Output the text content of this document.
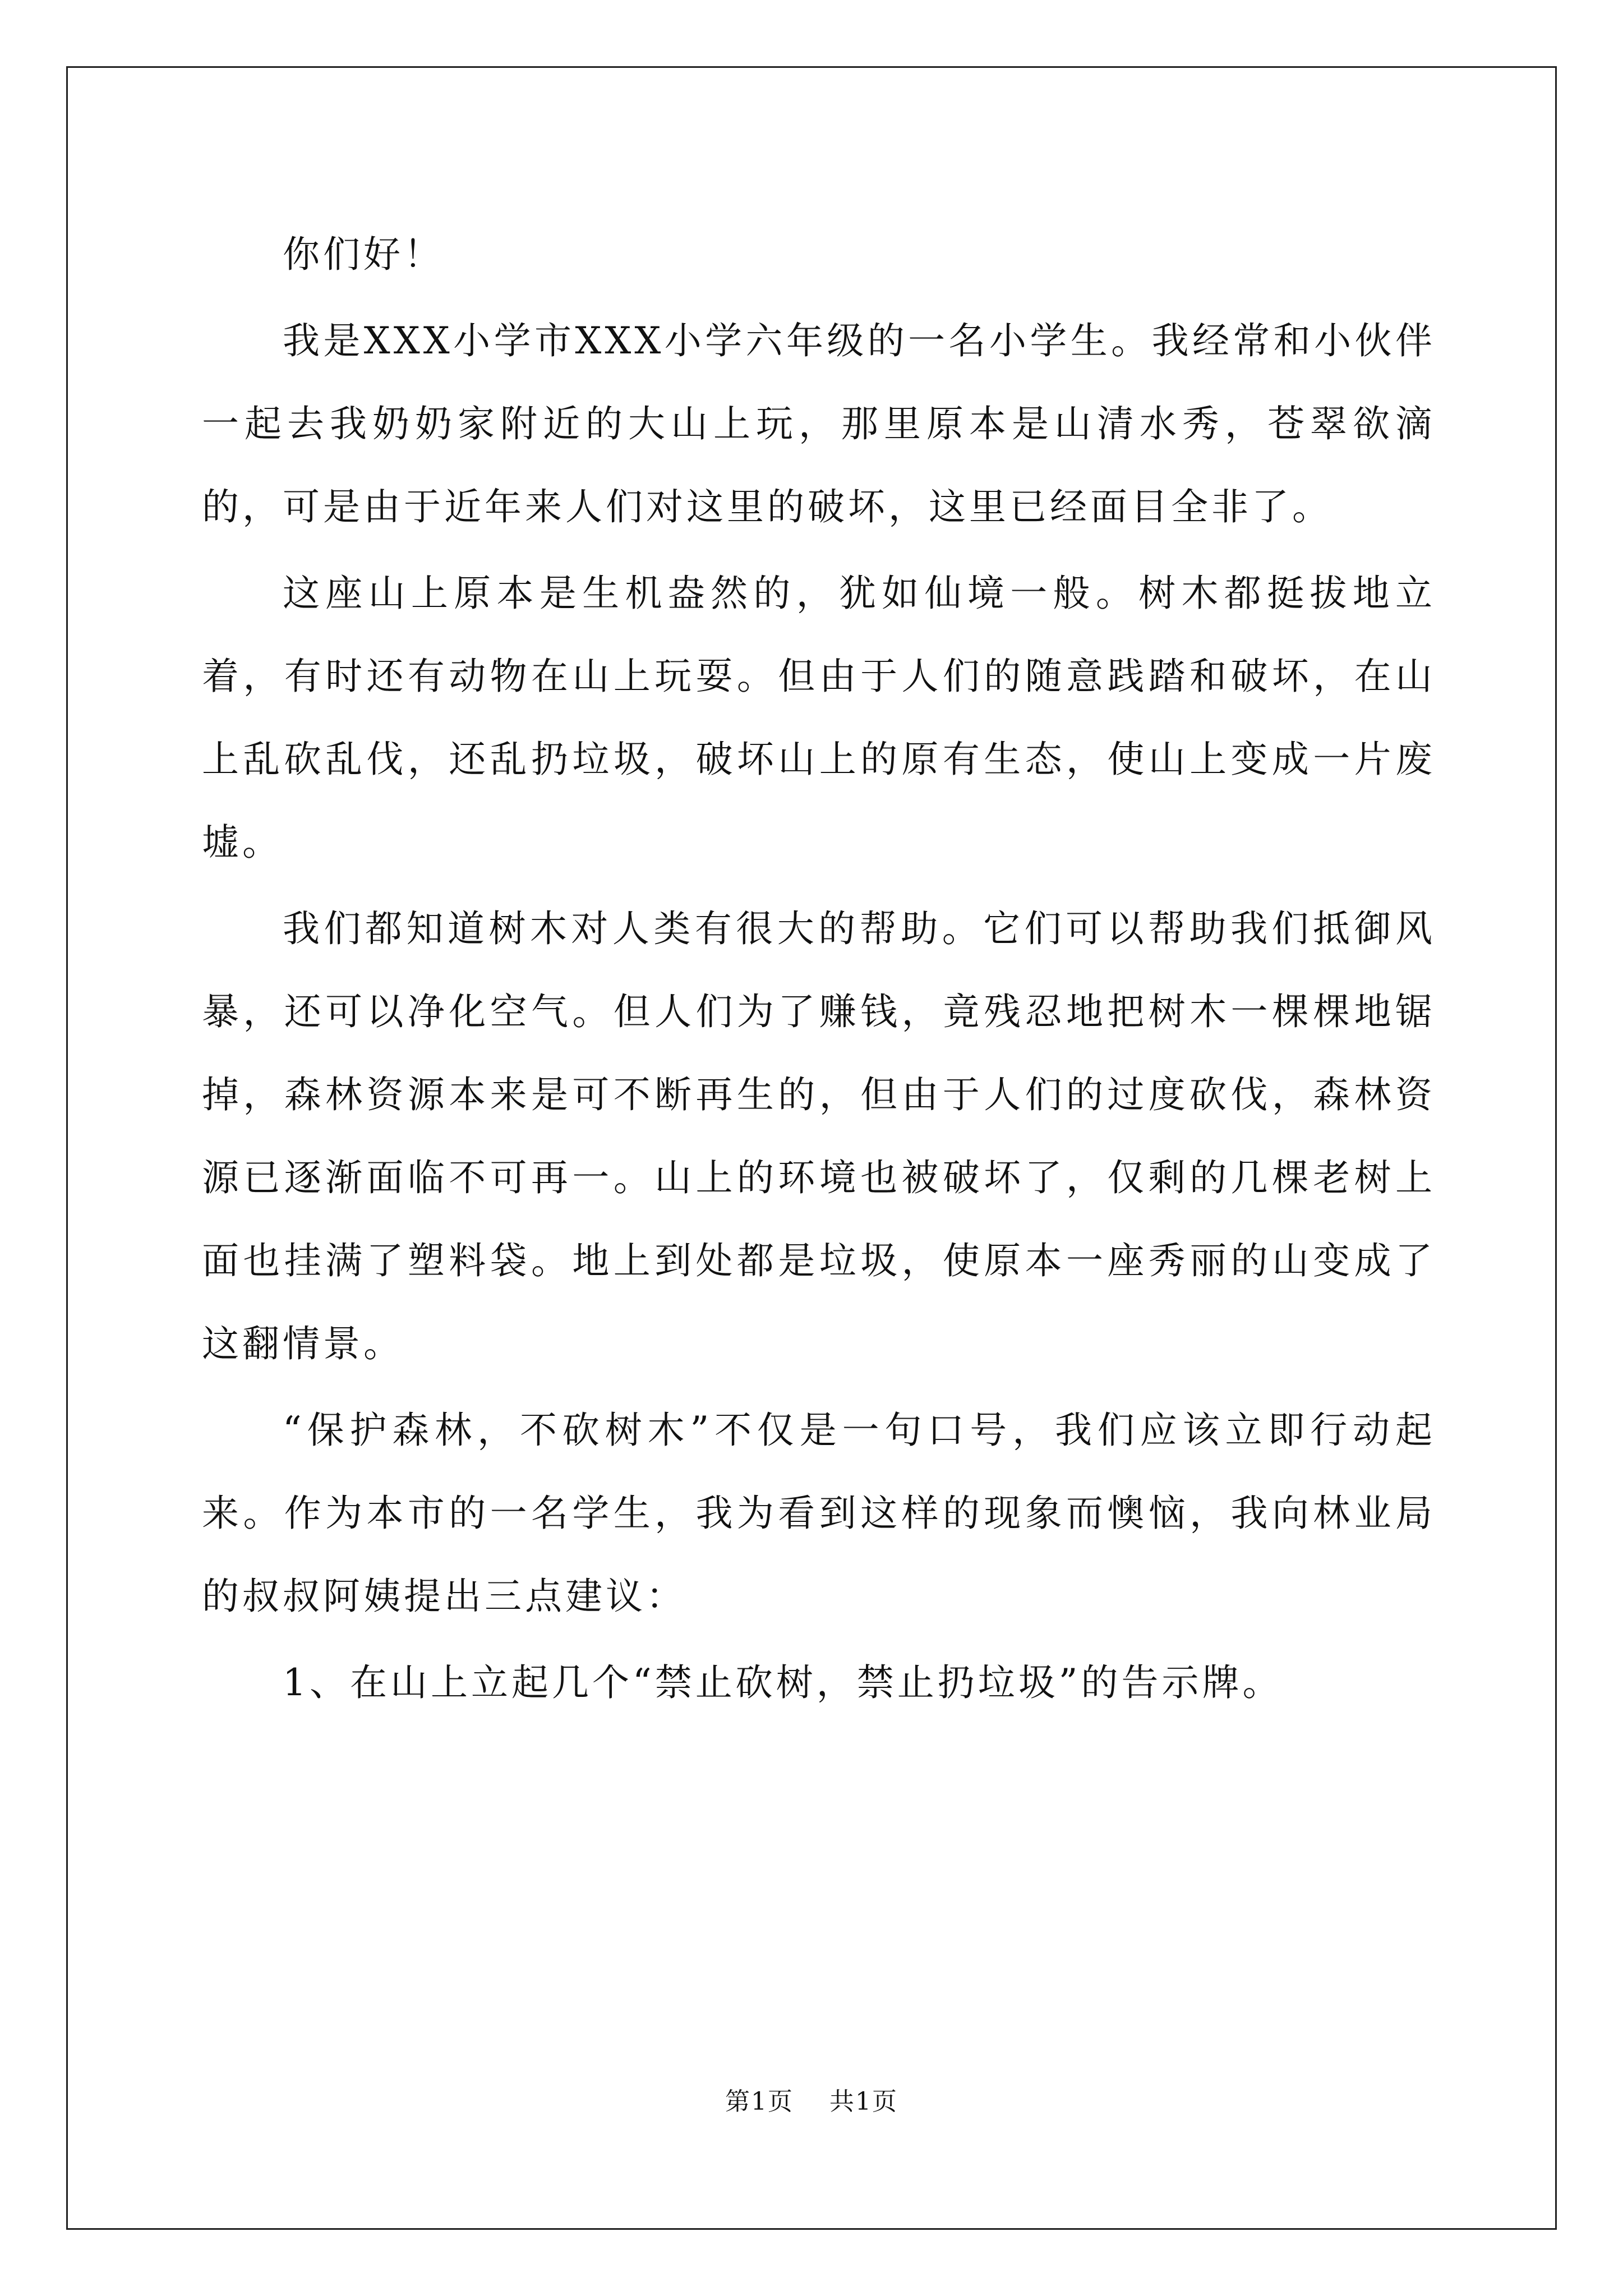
你们好！

我是XXX小学市XXX小学六年级的一名小学生。我经常和小伙伴一起去我奶奶家附近的大山上玩，那里原本是山清水秀，苍翠欲滴的，可是由于近年来人们对这里的破坏，这里已经面目全非了。

这座山上原本是生机盎然的，犹如仙境一般。树木都挺拔地立着，有时还有动物在山上玩耍。但由于人们的随意践踏和破坏，在山上乱砍乱伐，还乱扔垃圾，破坏山上的原有生态，使山上变成一片废墟。

我们都知道树木对人类有很大的帮助。它们可以帮助我们抵御风暴，还可以净化空气。但人们为了赚钱，竟残忍地把树木一棵棵地锯掉，森林资源本来是可不断再生的，但由于人们的过度砍伐，森林资源已逐渐面临不可再一。山上的环境也被破坏了，仅剩的几棵老树上面也挂满了塑料袋。地上到处都是垃圾，使原本一座秀丽的山变成了这翻情景。

“保护森林，不砍树木”不仅是一句口号，我们应该立即行动起来。作为本市的一名学生，我为看到这样的现象而懊恼，我向林业局的叔叔阿姨提出三点建议：

1、在山上立起几个“禁止砍树，禁止扔垃圾”的告示牌。

第1页 共1页
